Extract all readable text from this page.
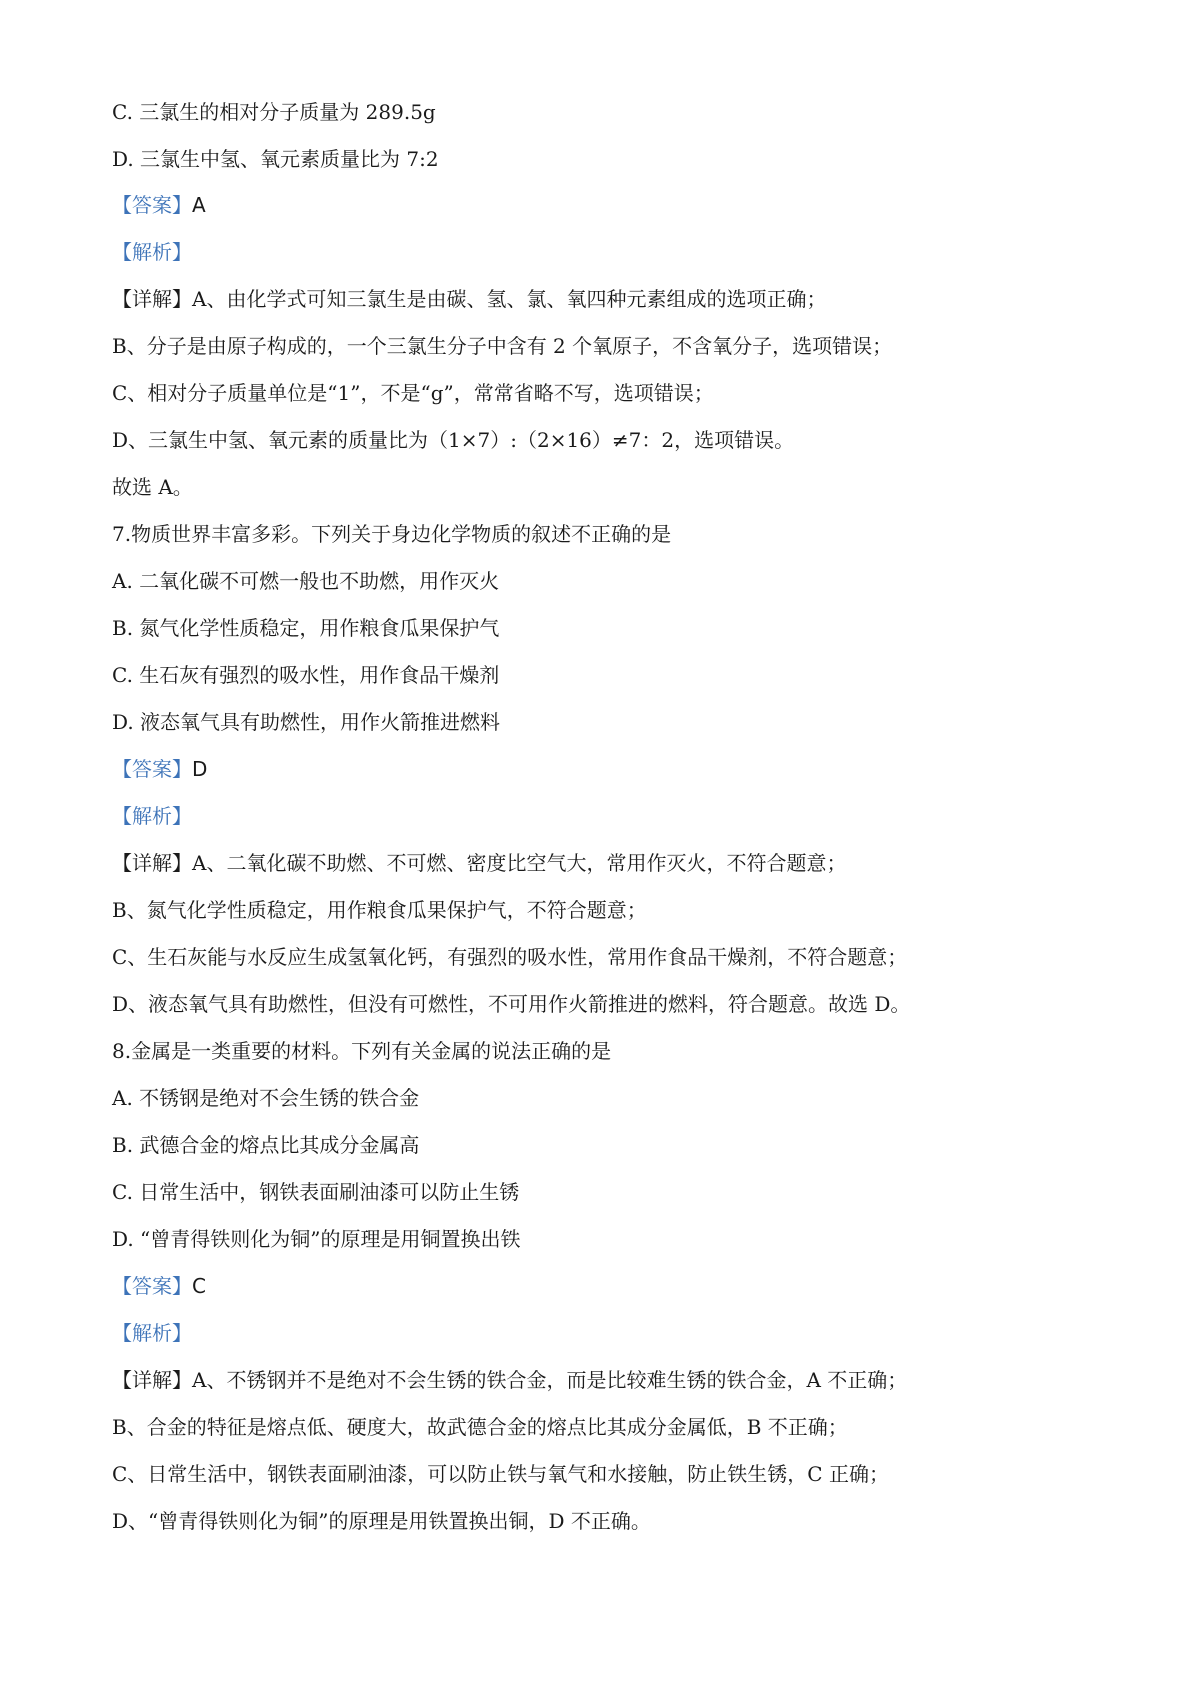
C. 三氯生的相对分子质量为 289.5g
D. 三氯生中氢、氧元素质量比为 7:2
【答案】A
【解析】
【详解】A、由化学式可知三氯生是由碳、氢、氯、氧四种元素组成的选项正确；
B、分子是由原子构成的，一个三氯生分子中含有 2 个氧原子，不含氧分子，选项错误；
C、相对分子质量单位是“1”，不是“g”，常常省略不写，选项错误；
D、三氯生中氢、氧元素的质量比为（1×7）:（2×16）≠7：2，选项错误。
故选 A。
7.物质世界丰富多彩。下列关于身边化学物质的叙述不正确的是
A. 二氧化碳不可燃一般也不助燃，用作灭火
B. 氮气化学性质稳定，用作粮食瓜果保护气
C. 生石灰有强烈的吸水性，用作食品干燥剂
D. 液态氧气具有助燃性，用作火箭推进燃料
【答案】D
【解析】
【详解】A、二氧化碳不助燃、不可燃、密度比空气大，常用作灭火，不符合题意；
B、氮气化学性质稳定，用作粮食瓜果保护气，不符合题意；
C、生石灰能与水反应生成氢氧化钙，有强烈的吸水性，常用作食品干燥剂，不符合题意；
D、液态氧气具有助燃性，但没有可燃性，不可用作火箭推进的燃料，符合题意。故选 D。
8.金属是一类重要的材料。下列有关金属的说法正确的是
A. 不锈钢是绝对不会生锈的铁合金
B. 武德合金的熔点比其成分金属高
C. 日常生活中，钢铁表面刷油漆可以防止生锈
D. “曾青得铁则化为铜”的原理是用铜置换出铁
【答案】C
【解析】
【详解】A、不锈钢并不是绝对不会生锈的铁合金，而是比较难生锈的铁合金，A 不正确；
B、合金的特征是熔点低、硬度大，故武德合金的熔点比其成分金属低，B 不正确；
C、日常生活中，钢铁表面刷油漆，可以防止铁与氧气和水接触，防止铁生锈，C 正确；
D、“曾青得铁则化为铜”的原理是用铁置换出铜，D 不正确。
